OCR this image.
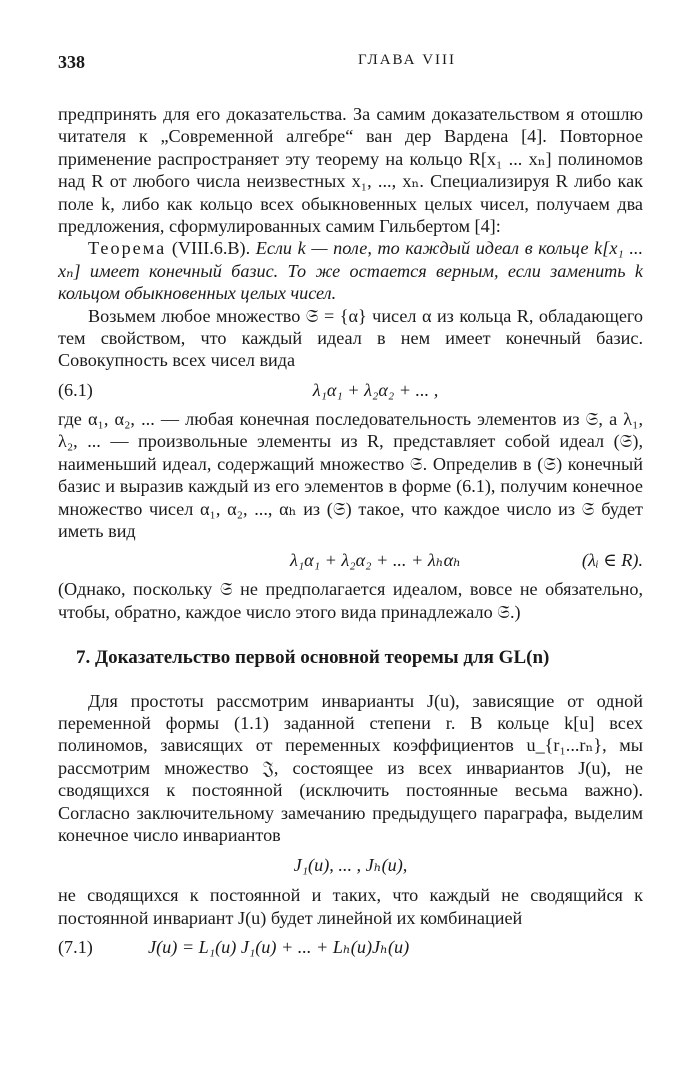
338	ГЛАВА VIII

предпринять для его доказательства. За самим доказательством я отошлю читателя к „Современной алгебре“ ван дер Вардена [4]. Повторное применение распространяет эту теорему на кольцо R[x₁ ... xₙ] полиномов над R от любого числа неизвестных x₁, ..., xₙ. Специализируя R либо как поле k, либо как кольцо всех обыкновенных целых чисел, получаем два предложения, сформулированных самим Гильбертом [4]:

Теорема (VIII.6.B). Если k — поле, то каждый идеал в кольце k[x₁ ... xₙ] имеет конечный базис. То же остается верным, если заменить k кольцом обыкновенных целых чисел.

Возьмем любое множество 𝔖 = {α} чисел α из кольца R, обладающего тем свойством, что каждый идеал в нем имеет конечный базис. Совокупность всех чисел вида

(6.1)	λ₁α₁ + λ₂α₂ + ... ,

где α₁, α₂, ... — любая конечная последовательность элементов из 𝔖, а λ₁, λ₂, ... — произвольные элементы из R, представляет собой идеал (𝔖), наименьший идеал, содержащий множество 𝔖. Определив в (𝔖) конечный базис и выразив каждый из его элементов в форме (6.1), получим конечное множество чисел α₁, α₂, ..., αₕ из (𝔖) такое, что каждое число из 𝔖 будет иметь вид

λ₁α₁ + λ₂α₂ + ... + λₕαₕ	(λᵢ ∈ R).

(Однако, поскольку 𝔖 не предполагается идеалом, вовсе не обязательно, чтобы, обратно, каждое число этого вида принадлежало 𝔖.)

7. Доказательство первой основной теоремы для GL(n)

Для простоты рассмотрим инварианты J(u), зависящие от одной переменной формы (1.1) заданной степени r. В кольце k[u] всех полиномов, зависящих от переменных коэффициентов u_{r₁...rₙ}, мы рассмотрим множество 𝔍, состоящее из всех инвариантов J(u), не сводящихся к постоянной (исключить постоянные весьма важно). Согласно заключительному замечанию предыдущего параграфа, выделим конечное число инвариантов

J₁(u), ... , Jₕ(u),

не сводящихся к постоянной и таких, что каждый не сводящийся к постоянной инвариант J(u) будет линейной их комбинацией

(7.1)	J(u) = L₁(u) J₁(u) + ... + Lₕ(u)Jₕ(u)
